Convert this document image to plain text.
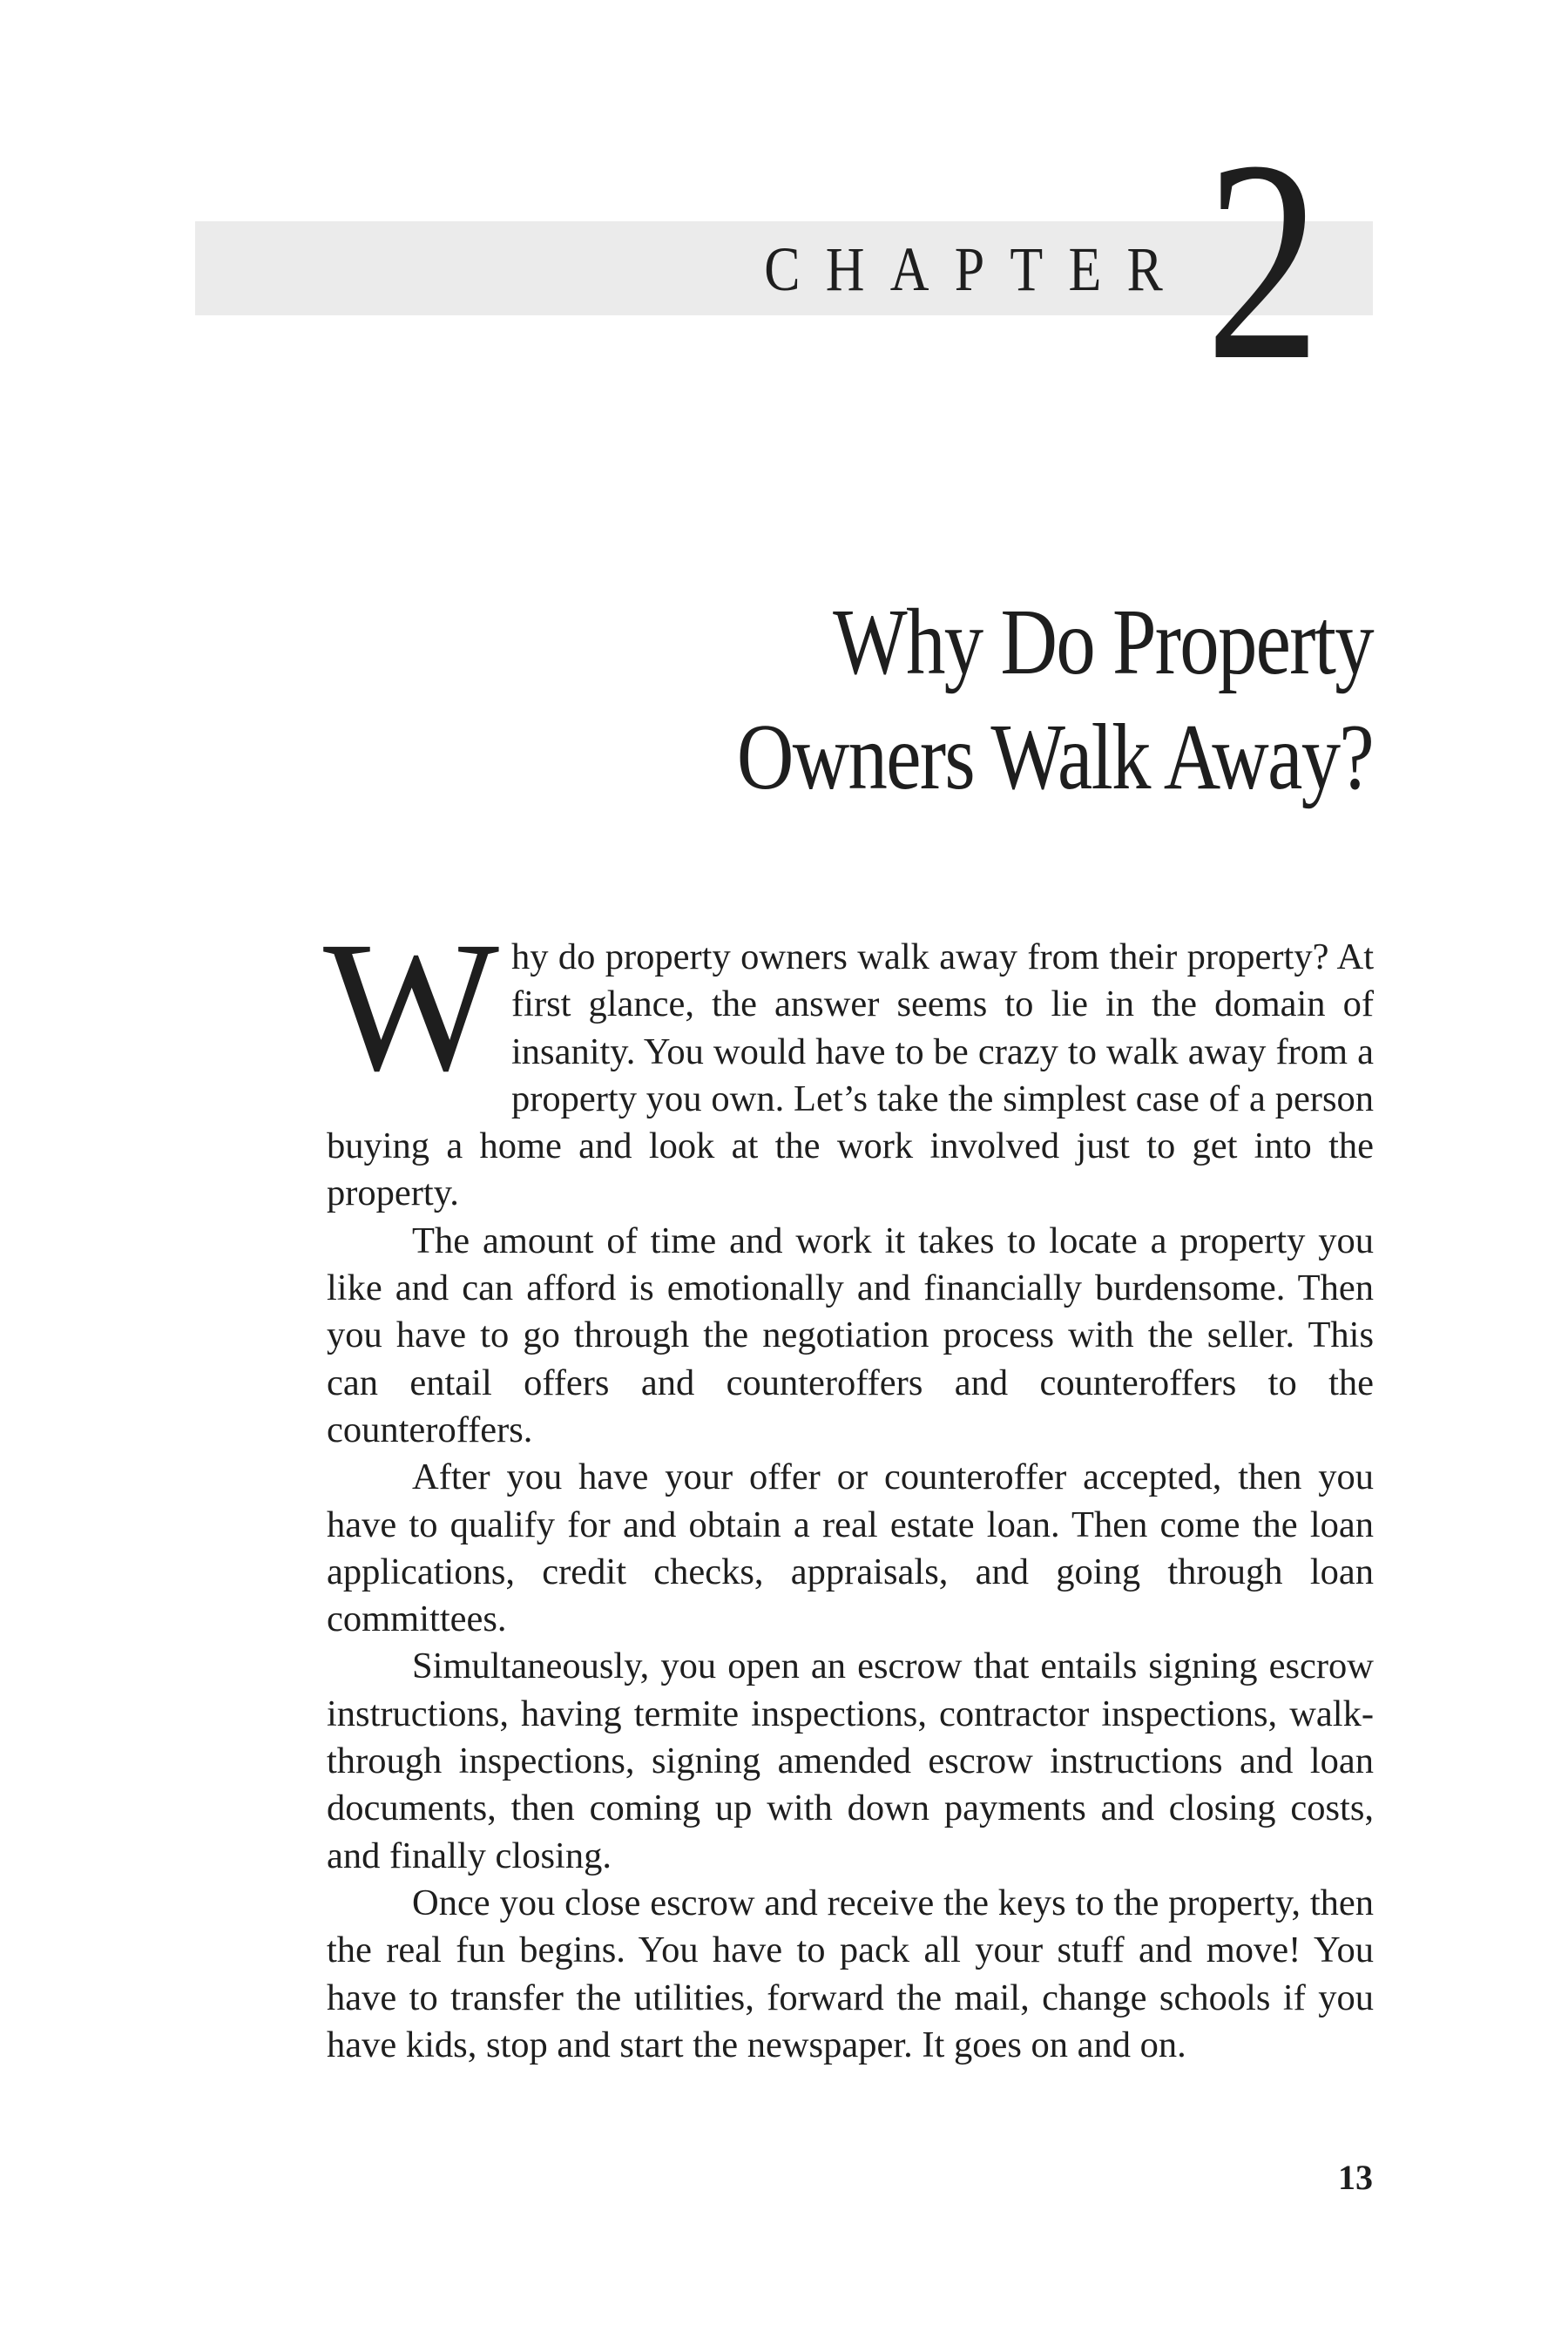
CHAPTER 2
Why Do Property
Owners Walk Away?

Why do property owners walk away from their property? At first glance, the answer seems to lie in the domain of insanity. You would have to be crazy to walk away from a property you own. Let’s take the simplest case of a person buying a home and look at the work involved just to get into the property.

The amount of time and work it takes to locate a property you like and can afford is emotionally and financially burdensome. Then you have to go through the negotiation process with the seller. This can entail offers and counteroffers and counteroffers to the counteroffers.

After you have your offer or counteroffer accepted, then you have to qualify for and obtain a real estate loan. Then come the loan applications, credit checks, appraisals, and going through loan committees.

Simultaneously, you open an escrow that entails signing escrow instructions, having termite inspections, contractor inspections, walk-through inspections, signing amended escrow instructions and loan documents, then coming up with down payments and closing costs, and finally closing.

Once you close escrow and receive the keys to the property, then the real fun begins. You have to pack all your stuff and move! You have to transfer the utilities, forward the mail, change schools if you have kids, stop and start the newspaper. It goes on and on.

13
